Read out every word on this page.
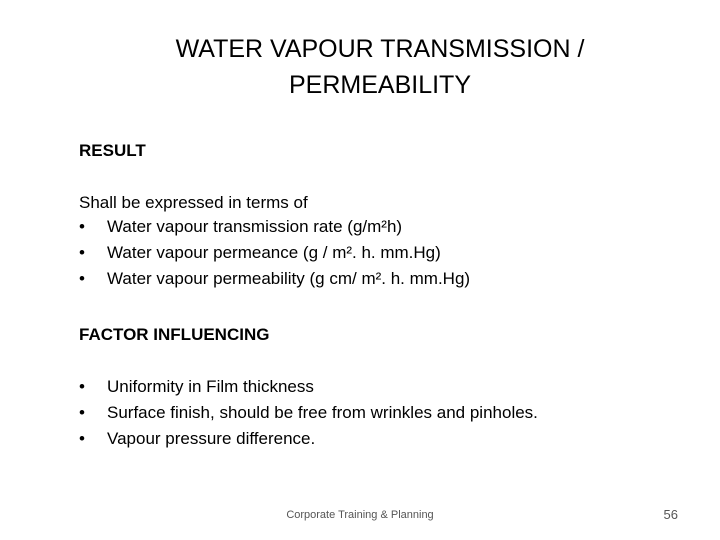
WATER VAPOUR TRANSMISSION /
PERMEABILITY
RESULT

Shall be expressed in terms of

• Water vapour transmission rate (g/m²h)
• Water vapour permeance (g / m². h. mm.Hg)
• Water vapour permeability (g cm/ m². h. mm.Hg)
FACTOR INFLUENCING
• Uniformity in Film thickness
• Surface finish, should be free from wrinkles and pinholes.
• Vapour pressure difference.
Corporate Training & Planning	56
